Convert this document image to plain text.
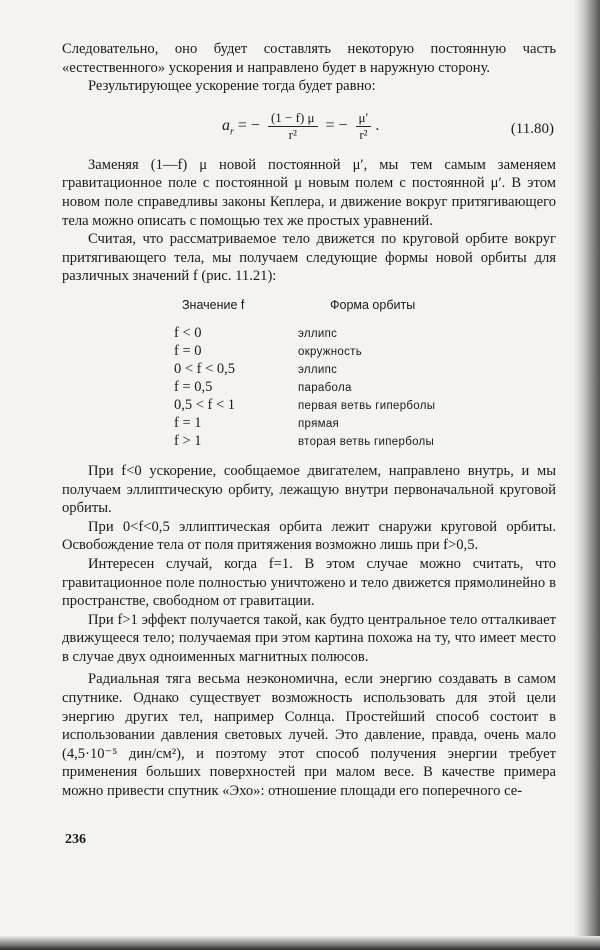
Следовательно, оно будет составлять некоторую постоянную часть «естественного» ускорения и направлено будет в наружную сторону.

Результирующее ускорение тогда будет равно:

$a_r$ = − $\frac{(1 - f) \mu}{\text{r²}}$ = − $\frac{\mu'}{\text{r²}}$ .	(11.80)

Заменяя (1—f) μ новой постоянной μ′, мы тем самым заменяем гравитационное поле с постоянной μ новым полем с постоянной μ′. В этом новом поле справедливы законы Кеплера, и движение вокруг притягивающего тела можно описать с помощью тех же простых уравнений.

Считая, что рассматриваемое тело движется по круговой орбите вокруг притягивающего тела, мы получаем следующие формы новой орбиты для различных значений f (рис. 11.21):

Значение f	Форма орбиты
f < 0	эллипс
f = 0	окружность
0 < f < 0,5	эллипс
f = 0,5	парабола
0,5 < f < 1	первая ветвь гиперболы
f = 1	прямая
f > 1	вторая ветвь гиперболы

При f<0 ускорение, сообщаемое двигателем, направлено внутрь, и мы получаем эллиптическую орбиту, лежащую внутри первоначальной круговой орбиты.

При 0<f<0,5 эллиптическая орбита лежит снаружи круговой орбиты. Освобождение тела от поля притяжения возможно лишь при f>0,5.

Интересен случай, когда f=1. В этом случае можно считать, что гравитационное поле полностью уничтожено и тело движется прямолинейно в пространстве, свободном от гравитации.

При f>1 эффект получается такой, как будто центральное тело отталкивает движущееся тело; получаемая при этом картина похожа на ту, что имеет место в случае двух одноименных магнитных полюсов.

Радиальная тяга весьма неэкономична, если энергию создавать в самом спутнике. Однако существует возможность использовать для этой цели энергию других тел, например Солнца. Простейший способ состоит в использовании давления световых лучей. Это давление, правда, очень мало (4,5·10⁻⁵ дин/см²), и поэтому этот способ получения энергии требует применения больших поверхностей при малом весе. В качестве примера можно привести спутник «Эхо»: отношение площади его поперечного се-

236
